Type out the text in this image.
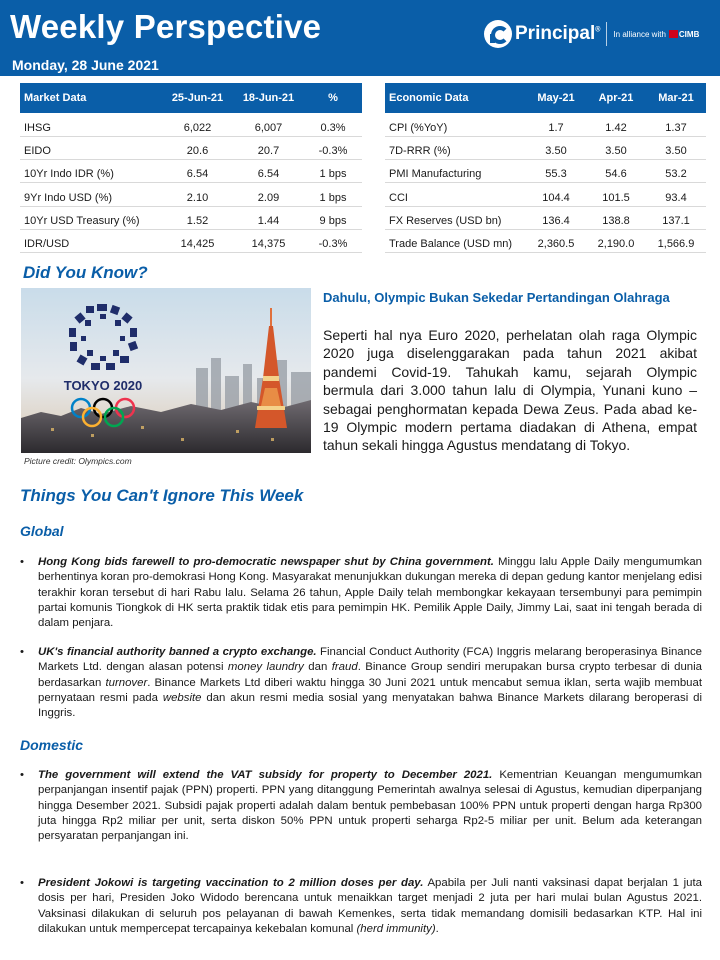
Weekly Perspective
Monday, 28 June 2021
Principal® In alliance with CIMB
Market Data	25-Jun-21	18-Jun-21	%
IHSG	6,022	6,007	0.3%
EIDO	20.6	20.7	-0.3%
10Yr Indo IDR (%)	6.54	6.54	1 bps
9Yr Indo USD (%)	2.10	2.09	1 bps
10Yr USD Treasury (%)	1.52	1.44	9 bps
IDR/USD	14,425	14,375	-0.3%
Economic Data	May-21	Apr-21	Mar-21
CPI (%YoY)	1.7	1.42	1.37
7D-RRR (%)	3.50	3.50	3.50
PMI Manufacturing	55.3	54.6	53.2
CCI	104.4	101.5	93.4
FX Reserves (USD bn)	136.4	138.8	137.1
Trade Balance (USD mn)	2,360.5	2,190.0	1,566.9
Did You Know?
TOKYO 2020
Picture credit: Olympics.com
Dahulu, Olympic Bukan Sekedar Pertandingan Olahraga
Seperti hal nya Euro 2020, perhelatan olah raga Olympic 2020 juga diselenggarakan pada tahun 2021 akibat pandemi Covid-19. Tahukah kamu, sejarah Olympic bermula dari 3.000 tahun lalu di Olympia, Yunani kuno – sebagai penghormatan kepada Dewa Zeus. Pada abad ke-19 Olympic modern pertama diadakan di Athena, empat tahun sekali hingga Agustus mendatang di Tokyo.
Things You Can't Ignore This Week
Global
• Hong Kong bids farewell to pro-democratic newspaper shut by China government. Minggu lalu Apple Daily mengumumkan berhentinya koran pro-demokrasi Hong Kong. Masyarakat menunjukkan dukungan mereka di depan gedung kantor menjelang edisi terakhir koran tersebut di hari Rabu lalu. Selama 26 tahun, Apple Daily telah membongkar kekayaan tersembunyi para pemimpin partai komunis Tiongkok di HK serta praktik tidak etis para pemimpin HK. Pemilik Apple Daily, Jimmy Lai, saat ini tengah berada di dalam penjara.
• UK's financial authority banned a crypto exchange. Financial Conduct Authority (FCA) Inggris melarang beroperasinya Binance Markets Ltd. dengan alasan potensi money laundry dan fraud. Binance Group sendiri merupakan bursa crypto terbesar di dunia berdasarkan turnover. Binance Markets Ltd diberi waktu hingga 30 Juni 2021 untuk mencabut semua iklan, serta wajib membuat pernyataan resmi pada website dan akun resmi media sosial yang menyatakan bahwa Binance Markets dilarang beroperasi di Inggris.
Domestic
• The government will extend the VAT subsidy for property to December 2021. Kementrian Keuangan mengumumkan perpanjangan insentif pajak (PPN) properti. PPN yang ditanggung Pemerintah awalnya selesai di Agustus, kemudian diperpanjang hingga Desember 2021. Subsidi pajak properti adalah dalam bentuk pembebasan 100% PPN untuk properti dengan harga Rp300 juta hingga Rp2 miliar per unit, serta diskon 50% PPN untuk properti seharga Rp2-5 miliar per unit. Belum ada keterangan persyaratan perpanjangan ini.
• President Jokowi is targeting vaccination to 2 million doses per day. Apabila per Juli nanti vaksinasi dapat berjalan 1 juta dosis per hari, Presiden Joko Widodo berencana untuk menaikkan target menjadi 2 juta per hari mulai bulan Agustus 2021. Vaksinasi dilakukan di seluruh pos pelayanan di bawah Kemenkes, serta tidak memandang domisili bedasarkan KTP. Hal ini dilakukan untuk mempercepat tercapainya kekebalan komunal (herd immunity).
